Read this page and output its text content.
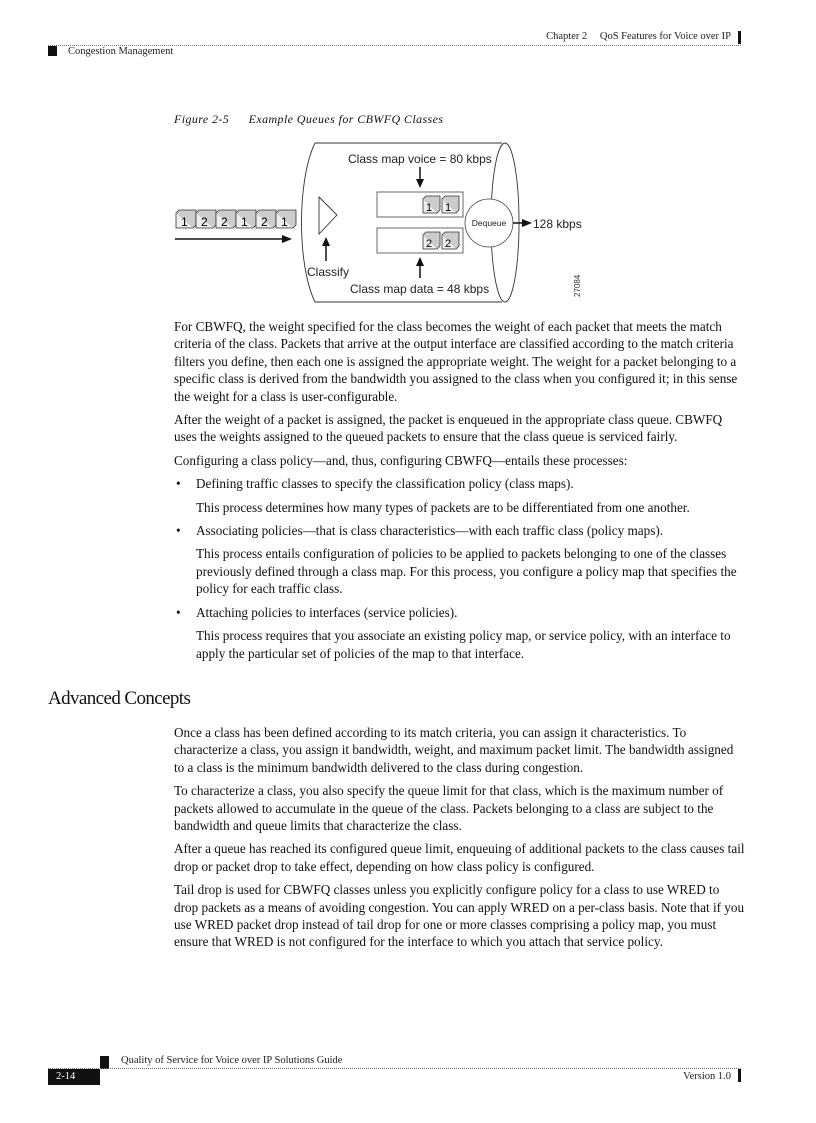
Chapter 2 QoS Features for Voice over IP
Congestion Management
Figure 2-5 Example Queues for CBWFQ Classes
1 2 2 1 2 1
Classify
Class map voice = 80 kbps
1 1
2 2
Class map data = 48 kbps
Dequeue 128 kbps
27084

For CBWFQ, the weight specified for the class becomes the weight of each packet that meets the match criteria of the class. Packets that arrive at the output interface are classified according to the match criteria filters you define, then each one is assigned the appropriate weight. The weight for a packet belonging to a specific class is derived from the bandwidth you assigned to the class when you configured it; in this sense the weight for a class is user-configurable.

After the weight of a packet is assigned, the packet is enqueued in the appropriate class queue. CBWFQ uses the weights assigned to the queued packets to ensure that the class queue is serviced fairly.

Configuring a class policy—and, thus, configuring CBWFQ—entails these processes:

• Defining traffic classes to specify the classification policy (class maps).

This process determines how many types of packets are to be differentiated from one another.

• Associating policies—that is class characteristics—with each traffic class (policy maps).

This process entails configuration of policies to be applied to packets belonging to one of the classes previously defined through a class map. For this process, you configure a policy map that specifies the policy for each traffic class.

• Attaching policies to interfaces (service policies).

This process requires that you associate an existing policy map, or service policy, with an interface to apply the particular set of policies of the map to that interface.

Advanced Concepts

Once a class has been defined according to its match criteria, you can assign it characteristics. To characterize a class, you assign it bandwidth, weight, and maximum packet limit. The bandwidth assigned to a class is the minimum bandwidth delivered to the class during congestion.

To characterize a class, you also specify the queue limit for that class, which is the maximum number of packets allowed to accumulate in the queue of the class. Packets belonging to a class are subject to the bandwidth and queue limits that characterize the class.

After a queue has reached its configured queue limit, enqueuing of additional packets to the class causes tail drop or packet drop to take effect, depending on how class policy is configured.

Tail drop is used for CBWFQ classes unless you explicitly configure policy for a class to use WRED to drop packets as a means of avoiding congestion. You can apply WRED on a per-class basis. Note that if you use WRED packet drop instead of tail drop for one or more classes comprising a policy map, you must ensure that WRED is not configured for the interface to which you attach that service policy.

Quality of Service for Voice over IP Solutions Guide
2-14	Version 1.0
